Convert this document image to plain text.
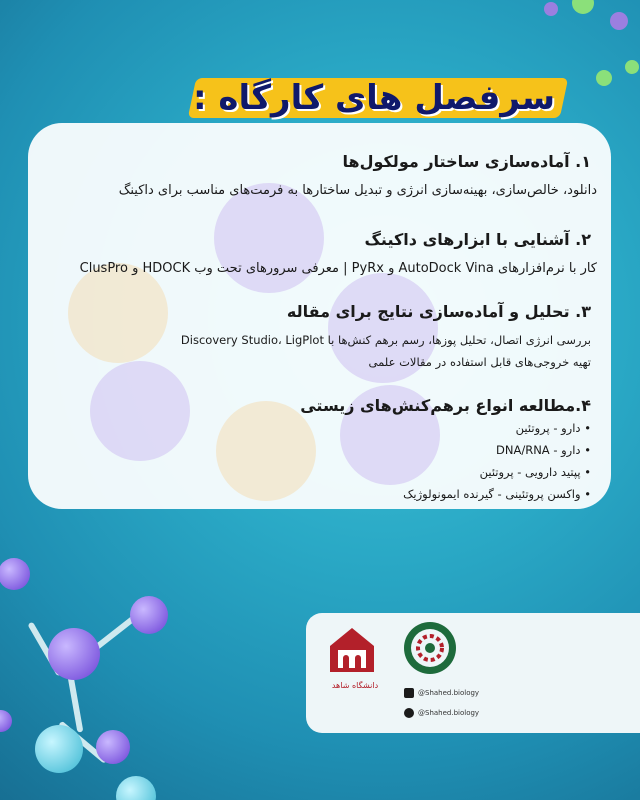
سرفصل های کارگاه :
۱. آماده‌سازی ساختار مولکول‌ها
دانلود، خالص‌سازی، بهینه‌سازی انرژی و تبدیل ساختارها به فرمت‌های مناسب برای داکینگ
۲. آشنایی با ابزارهای داکینگ
کار با نرم‌افزارهای AutoDock Vina و PyRx | معرفی سرورهای تحت وب HDOCK و ClusPro
۳. تحلیل و آماده‌سازی نتایج برای مقاله
بررسی انرژی اتصال، تحلیل پوزها، رسم برهم کنش‌ها با Discovery Studio، LigPlot
تهیه خروجی‌های قابل استفاده در مقالات علمی
۴.مطالعه انواع برهم‌کنش‌های زیستی
• دارو - پروتئین
• دارو - DNA/RNA
• پپتید دارویی - پروتئین
• واکسن پروتئینی - گیرنده ایمونولوژیک
دانشگاه شاهد
@Shahed.biology
@Shahed.biology
